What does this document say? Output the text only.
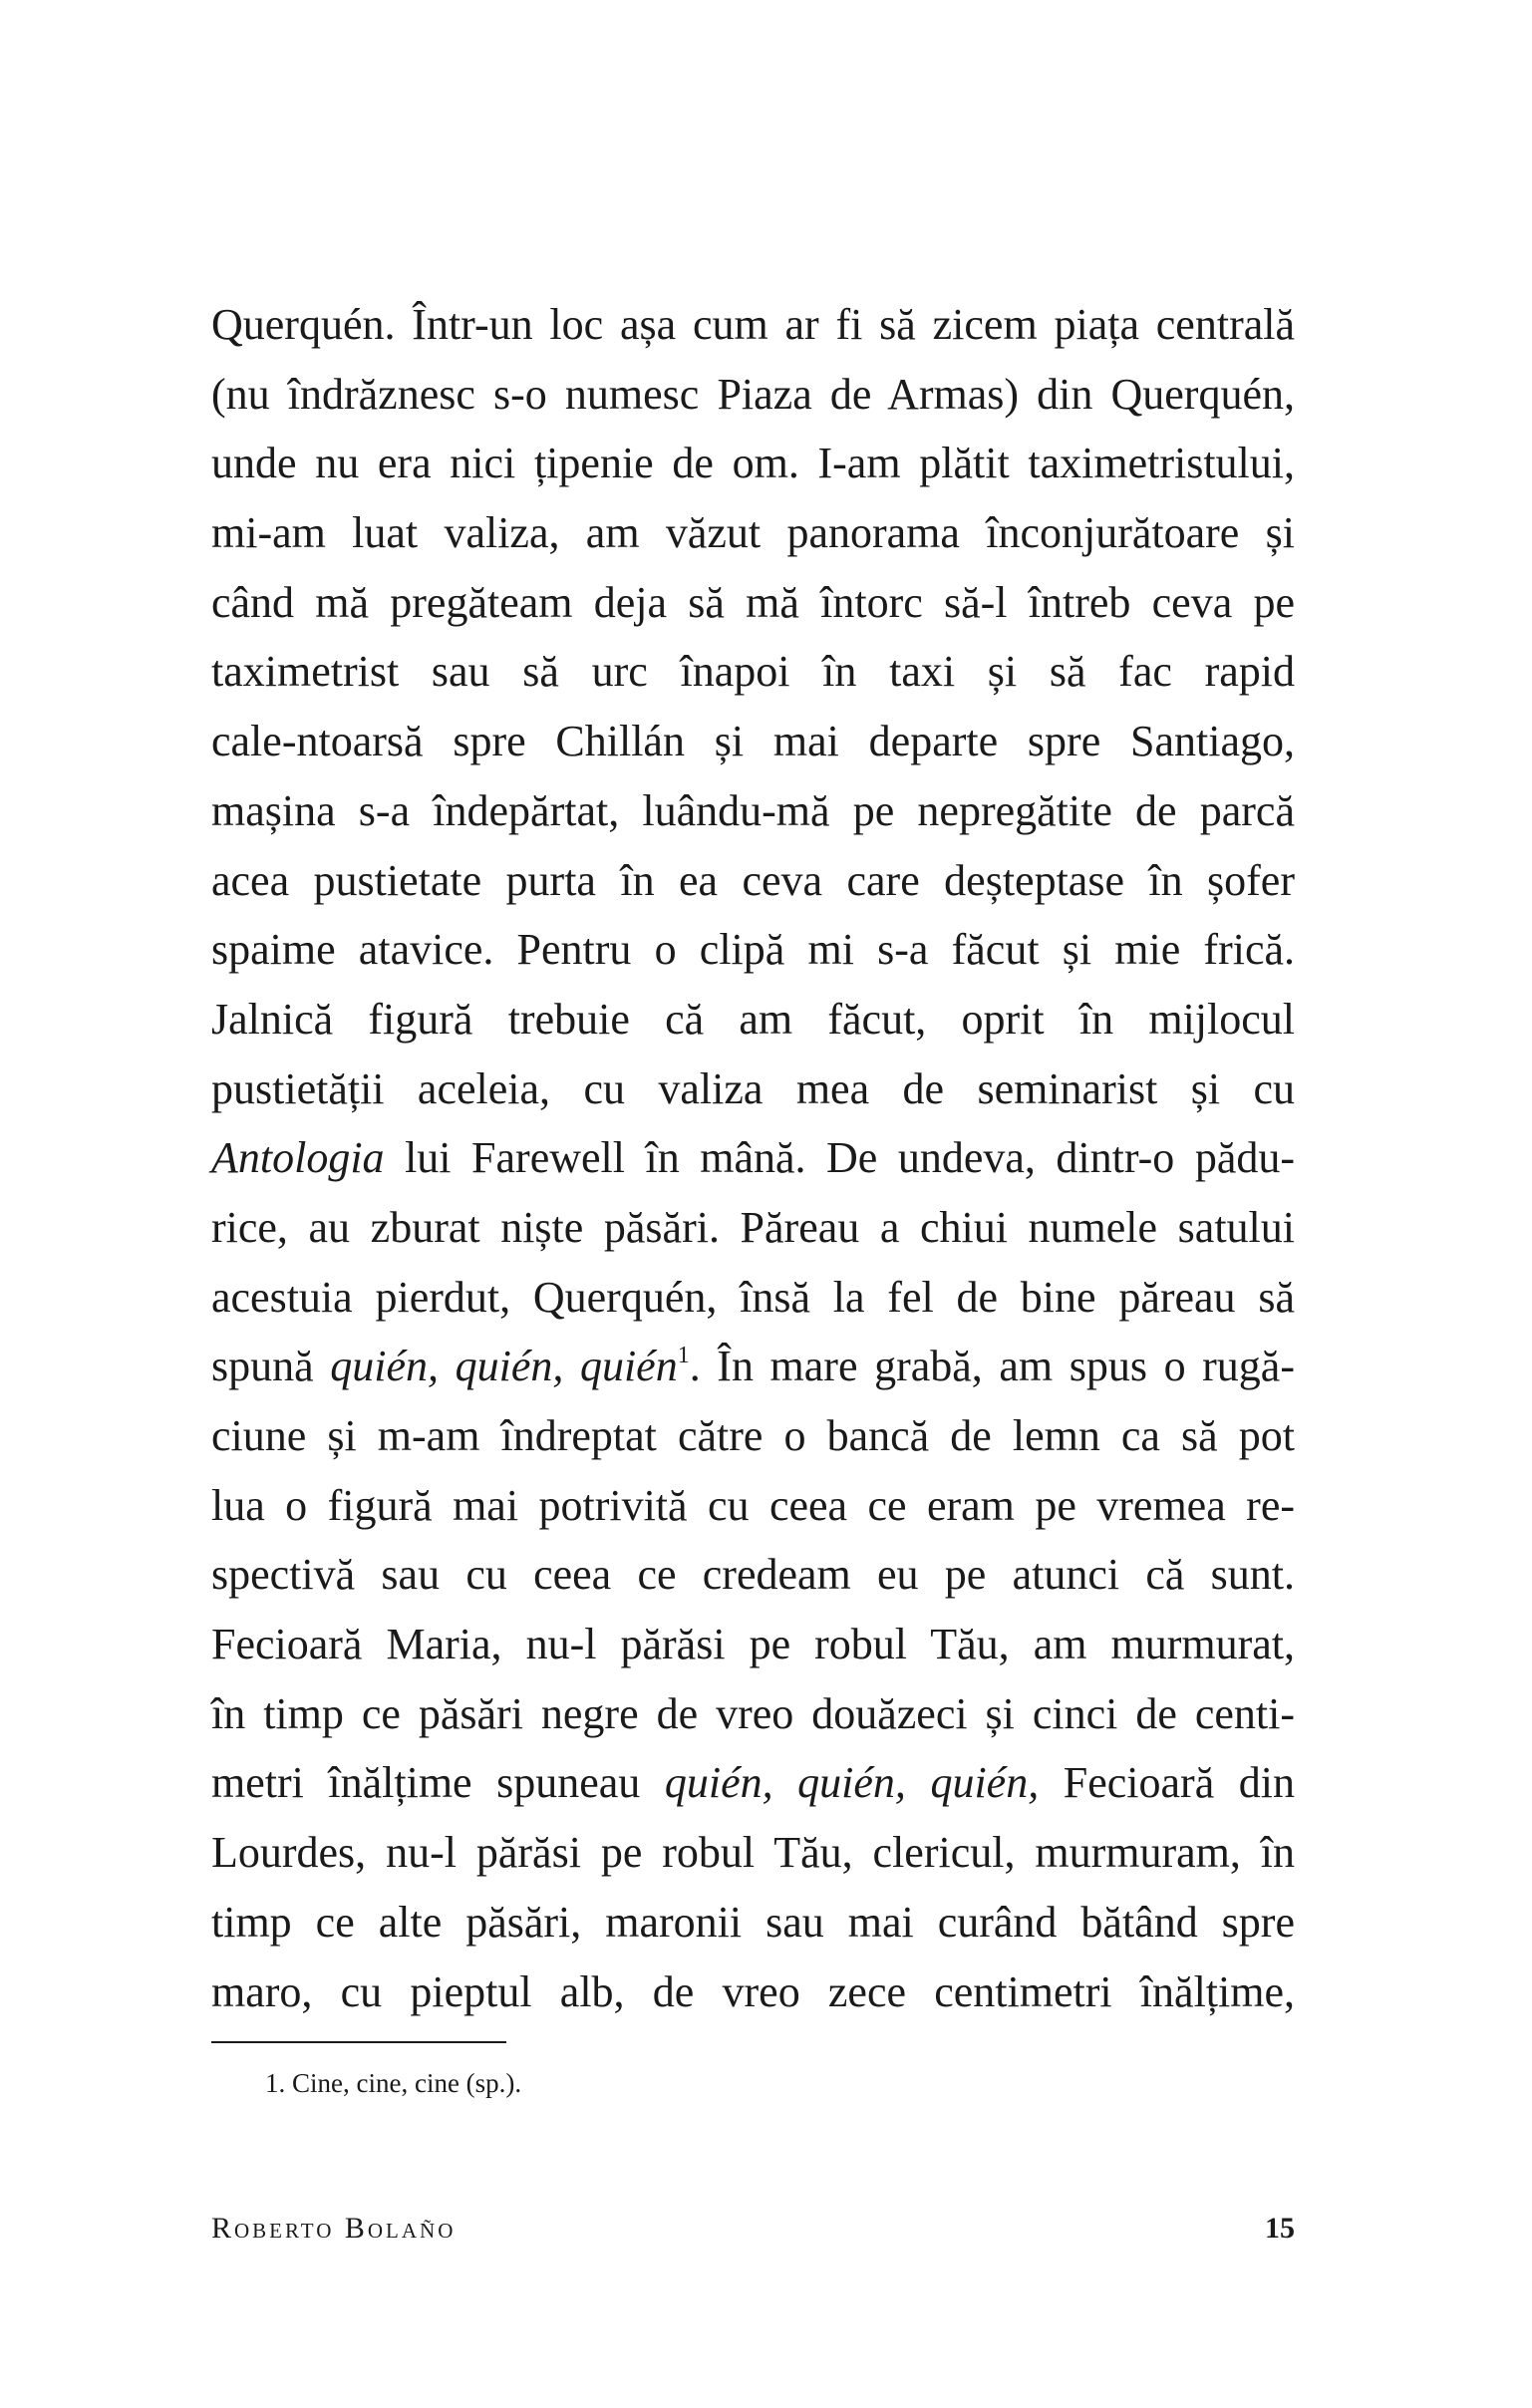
Querquén. Într-un loc așa cum ar fi să zicem piața centrală
(nu îndrăznesc s-o numesc Piaza de Armas) din Querquén,
unde nu era nici țipenie de om. I-am plătit taximetristului,
mi-am luat valiza, am văzut panorama înconjurătoare și
când mă pregăteam deja să mă întorc să-l întreb ceva pe
taximetrist sau să urc înapoi în taxi și să fac rapid
cale-ntoarsă spre Chillán și mai departe spre Santiago,
mașina s-a îndepărtat, luându-mă pe nepregătite de parcă
acea pustietate purta în ea ceva care deșteptase în șofer
spaime atavice. Pentru o clipă mi s-a făcut și mie frică.
Jalnică figură trebuie că am făcut, oprit în mijlocul
pustietății aceleia, cu valiza mea de seminarist și cu
Antologia lui Farewell în mână. De undeva, dintr-o pădu-
rice, au zburat niște păsări. Păreau a chiui numele satului
acestuia pierdut, Querquén, însă la fel de bine păreau să
spună quién, quién, quién$^1$. În mare grabă, am spus o rugă-
ciune și m-am îndreptat către o bancă de lemn ca să pot
lua o figură mai potrivită cu ceea ce eram pe vremea re-
spectivă sau cu ceea ce credeam eu pe atunci că sunt.
Fecioară Maria, nu-l părăsi pe robul Tău, am murmurat,
în timp ce păsări negre de vreo douăzeci și cinci de centi-
metri înălțime spuneau quién, quién, quién, Fecioară din
Lourdes, nu-l părăsi pe robul Tău, clericul, murmuram, în
timp ce alte păsări, maronii sau mai curând bătând spre
maro, cu pieptul alb, de vreo zece centimetri înălțime,
1. Cine, cine, cine (sp.).
Roberto Bolaño	15
